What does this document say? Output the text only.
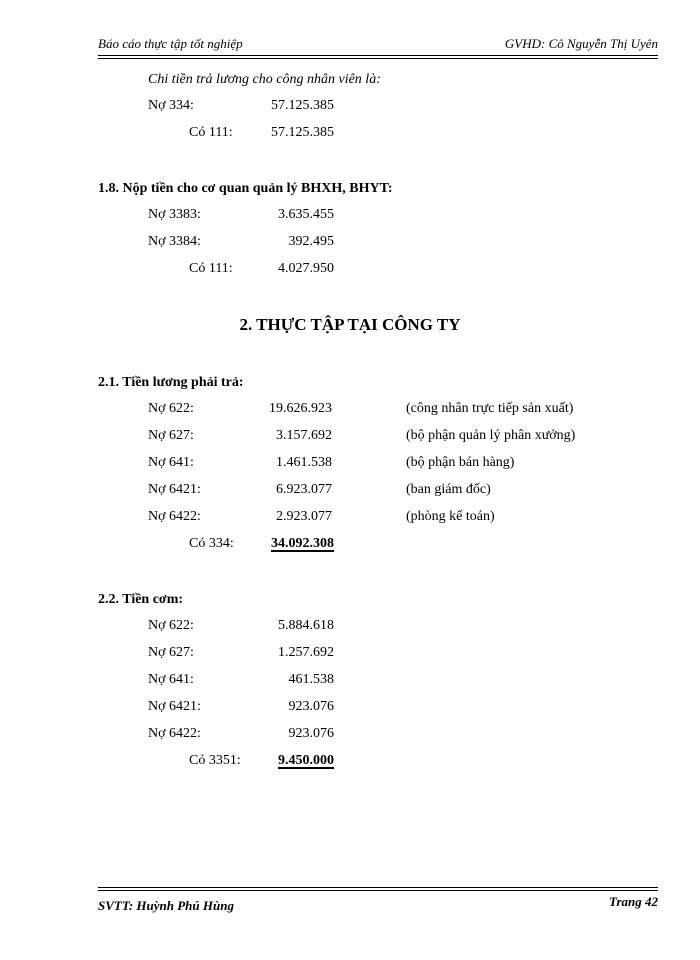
Báo cáo thực tập tốt nghiệp	GVHD: Cô Nguyễn Thị Uyên
Chi tiền trả lương cho công nhân viên là:
Nợ 334:	57.125.385
Có 111:	57.125.385
1.8. Nộp tiền cho cơ quan quản lý BHXH, BHYT:
Nợ 3383:	3.635.455
Nợ 3384:	392.495
Có 111:	4.027.950
2. THỰC TẬP TẠI CÔNG TY
2.1. Tiền lương phải trả:
Nợ 622:	19.626.923	(công nhân trực tiếp sản xuất)
Nợ 627:	3.157.692	(bộ phận quản lý phân xưởng)
Nợ 641:	1.461.538	(bộ phận bán hàng)
Nợ 6421:	6.923.077	(ban giám đốc)
Nợ 6422:	2.923.077	(phòng kế toán)
Có 334:	34.092.308
2.2. Tiền cơm:
Nợ 622:	5.884.618
Nợ 627:	1.257.692
Nợ 641:	461.538
Nợ 6421:	923.076
Nợ 6422:	923.076
Có 3351:	9.450.000
SVTT: Huỳnh Phú Hùng	Trang 42
